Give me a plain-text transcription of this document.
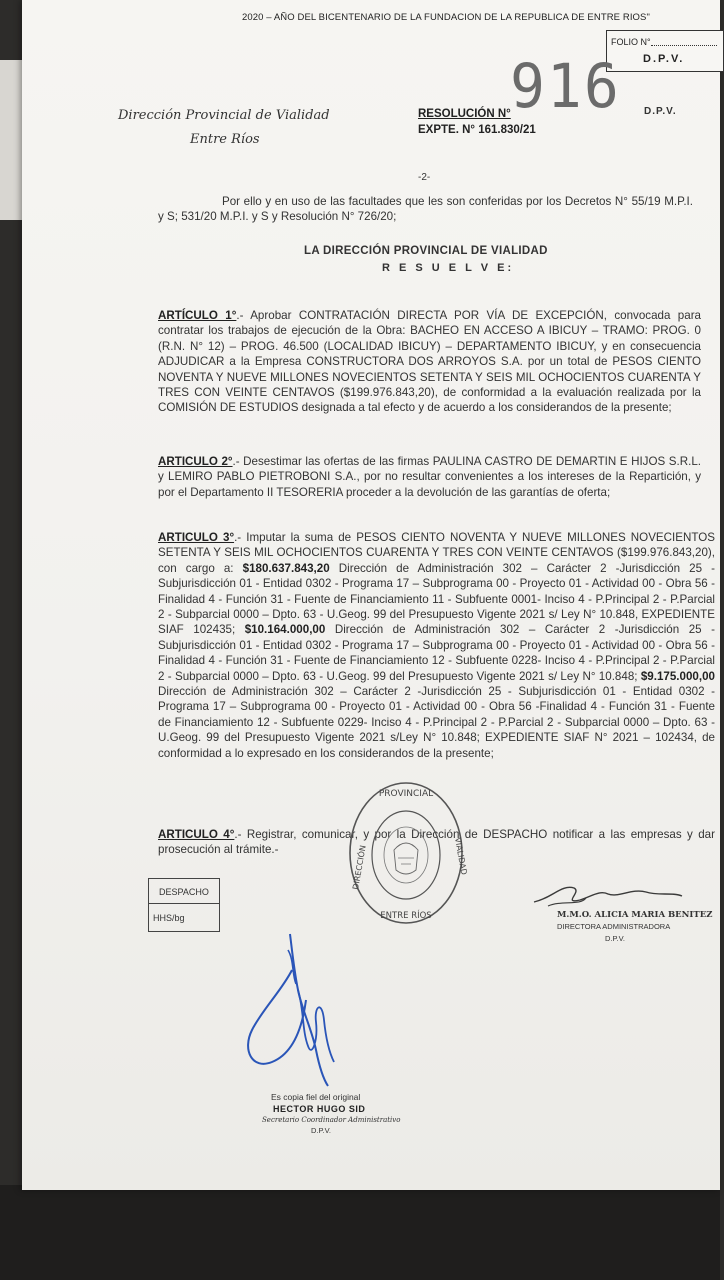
2020 – AÑO DEL BICENTENARIO DE LA FUNDACION DE LA REPUBLICA DE ENTRE RIOS"
FOLIO N°
D.P.V.
Dirección Provincial de Vialidad
Entre Ríos
RESOLUCIÓN N° 916 D.P.V.
EXPTE. N° 161.830/21
-2-
Por ello y en uso de las facultades que les son conferidas por los Decretos N° 55/19 M.P.I. y S; 531/20 M.P.I. y S y Resolución N° 726/20;
LA DIRECCIÓN PROVINCIAL DE VIALIDAD
R E S U E L V E:
ARTÍCULO 1°.- Aprobar CONTRATACIÓN DIRECTA POR VÍA DE EXCEPCIÓN, convocada para contratar los trabajos de ejecución de la Obra: BACHEO EN ACCESO A IBICUY – TRAMO: PROG. 0 (R.N. N° 12) – PROG. 46.500 (LOCALIDAD IBICUY) – DEPARTAMENTO IBICUY, y en consecuencia ADJUDICAR a la Empresa CONSTRUCTORA DOS ARROYOS S.A. por un total de PESOS CIENTO NOVENTA Y NUEVE MILLONES NOVECIENTOS SETENTA Y SEIS MIL OCHOCIENTOS CUARENTA Y TRES CON VEINTE CENTAVOS ($199.976.843,20), de conformidad a la evaluación realizada por la COMISIÓN DE ESTUDIOS designada a tal efecto y de acuerdo a los considerandos de la presente;
ARTICULO 2°.- Desestimar las ofertas de las firmas PAULINA CASTRO DE DEMARTIN E HIJOS S.R.L. y LEMIRO PABLO PIETROBONI S.A., por no resultar convenientes a los intereses de la Repartición, y por el Departamento II TESORERIA proceder a la devolución de las garantías de oferta;
ARTICULO 3°.- Imputar la suma de PESOS CIENTO NOVENTA Y NUEVE MILLONES NOVECIENTOS SETENTA Y SEIS MIL OCHOCIENTOS CUARENTA Y TRES CON VEINTE CENTAVOS ($199.976.843,20), con cargo a: $180.637.843,20 Dirección de Administración 302 – Carácter 2 -Jurisdicción 25 - Subjurisdicción 01 - Entidad 0302 - Programa 17 – Subprograma 00 - Proyecto 01 - Actividad 00 - Obra 56 -Finalidad 4 - Función 31 - Fuente de Financiamiento 11 - Subfuente 0001- Inciso 4 - P.Principal 2 - P.Parcial 2 - Subparcial 0000 – Dpto. 63 - U.Geog. 99 del Presupuesto Vigente 2021 s/ Ley N° 10.848, EXPEDIENTE SIAF 102435; $10.164.000,00 Dirección de Administración 302 – Carácter 2 -Jurisdicción 25 - Subjurisdicción 01 - Entidad 0302 - Programa 17 – Subprograma 00 - Proyecto 01 - Actividad 00 - Obra 56 -Finalidad 4 - Función 31 - Fuente de Financiamiento 12 - Subfuente 0228- Inciso 4 - P.Principal 2 - P.Parcial 2 - Subparcial 0000 – Dpto. 63 - U.Geog. 99 del Presupuesto Vigente 2021 s/ Ley N° 10.848; $9.175.000,00 Dirección de Administración 302 – Carácter 2 -Jurisdicción 25 - Subjurisdicción 01 - Entidad 0302 - Programa 17 – Subprograma 00 - Proyecto 01 - Actividad 00 - Obra 56 -Finalidad 4 - Función 31 - Fuente de Financiamiento 12 - Subfuente 0229- Inciso 4 - P.Principal 2 - P.Parcial 2 - Subparcial 0000 – Dpto. 63 - U.Geog. 99 del Presupuesto Vigente 2021 s/Ley N° 10.848; EXPEDIENTE SIAF N° 2021 – 102434, de conformidad a lo expresado en los considerandos de la presente;
ARTICULO 4°.- Registrar, comunicar, y por la Dirección de DESPACHO notificar a las empresas y dar prosecución al trámite.-
DESPACHO
HHS/bg
PROVINCIAL
VIALIDAD
DIRECCIÓN
ENTRE RÍOS	M.M.O. ALICIA MARIA BENITEZ
DIRECTORA ADMINISTRADORA
D.P.V.
Es copia fiel del original
HECTOR HUGO SID
Secretario Coordinador Administrativo
D.P.V.
